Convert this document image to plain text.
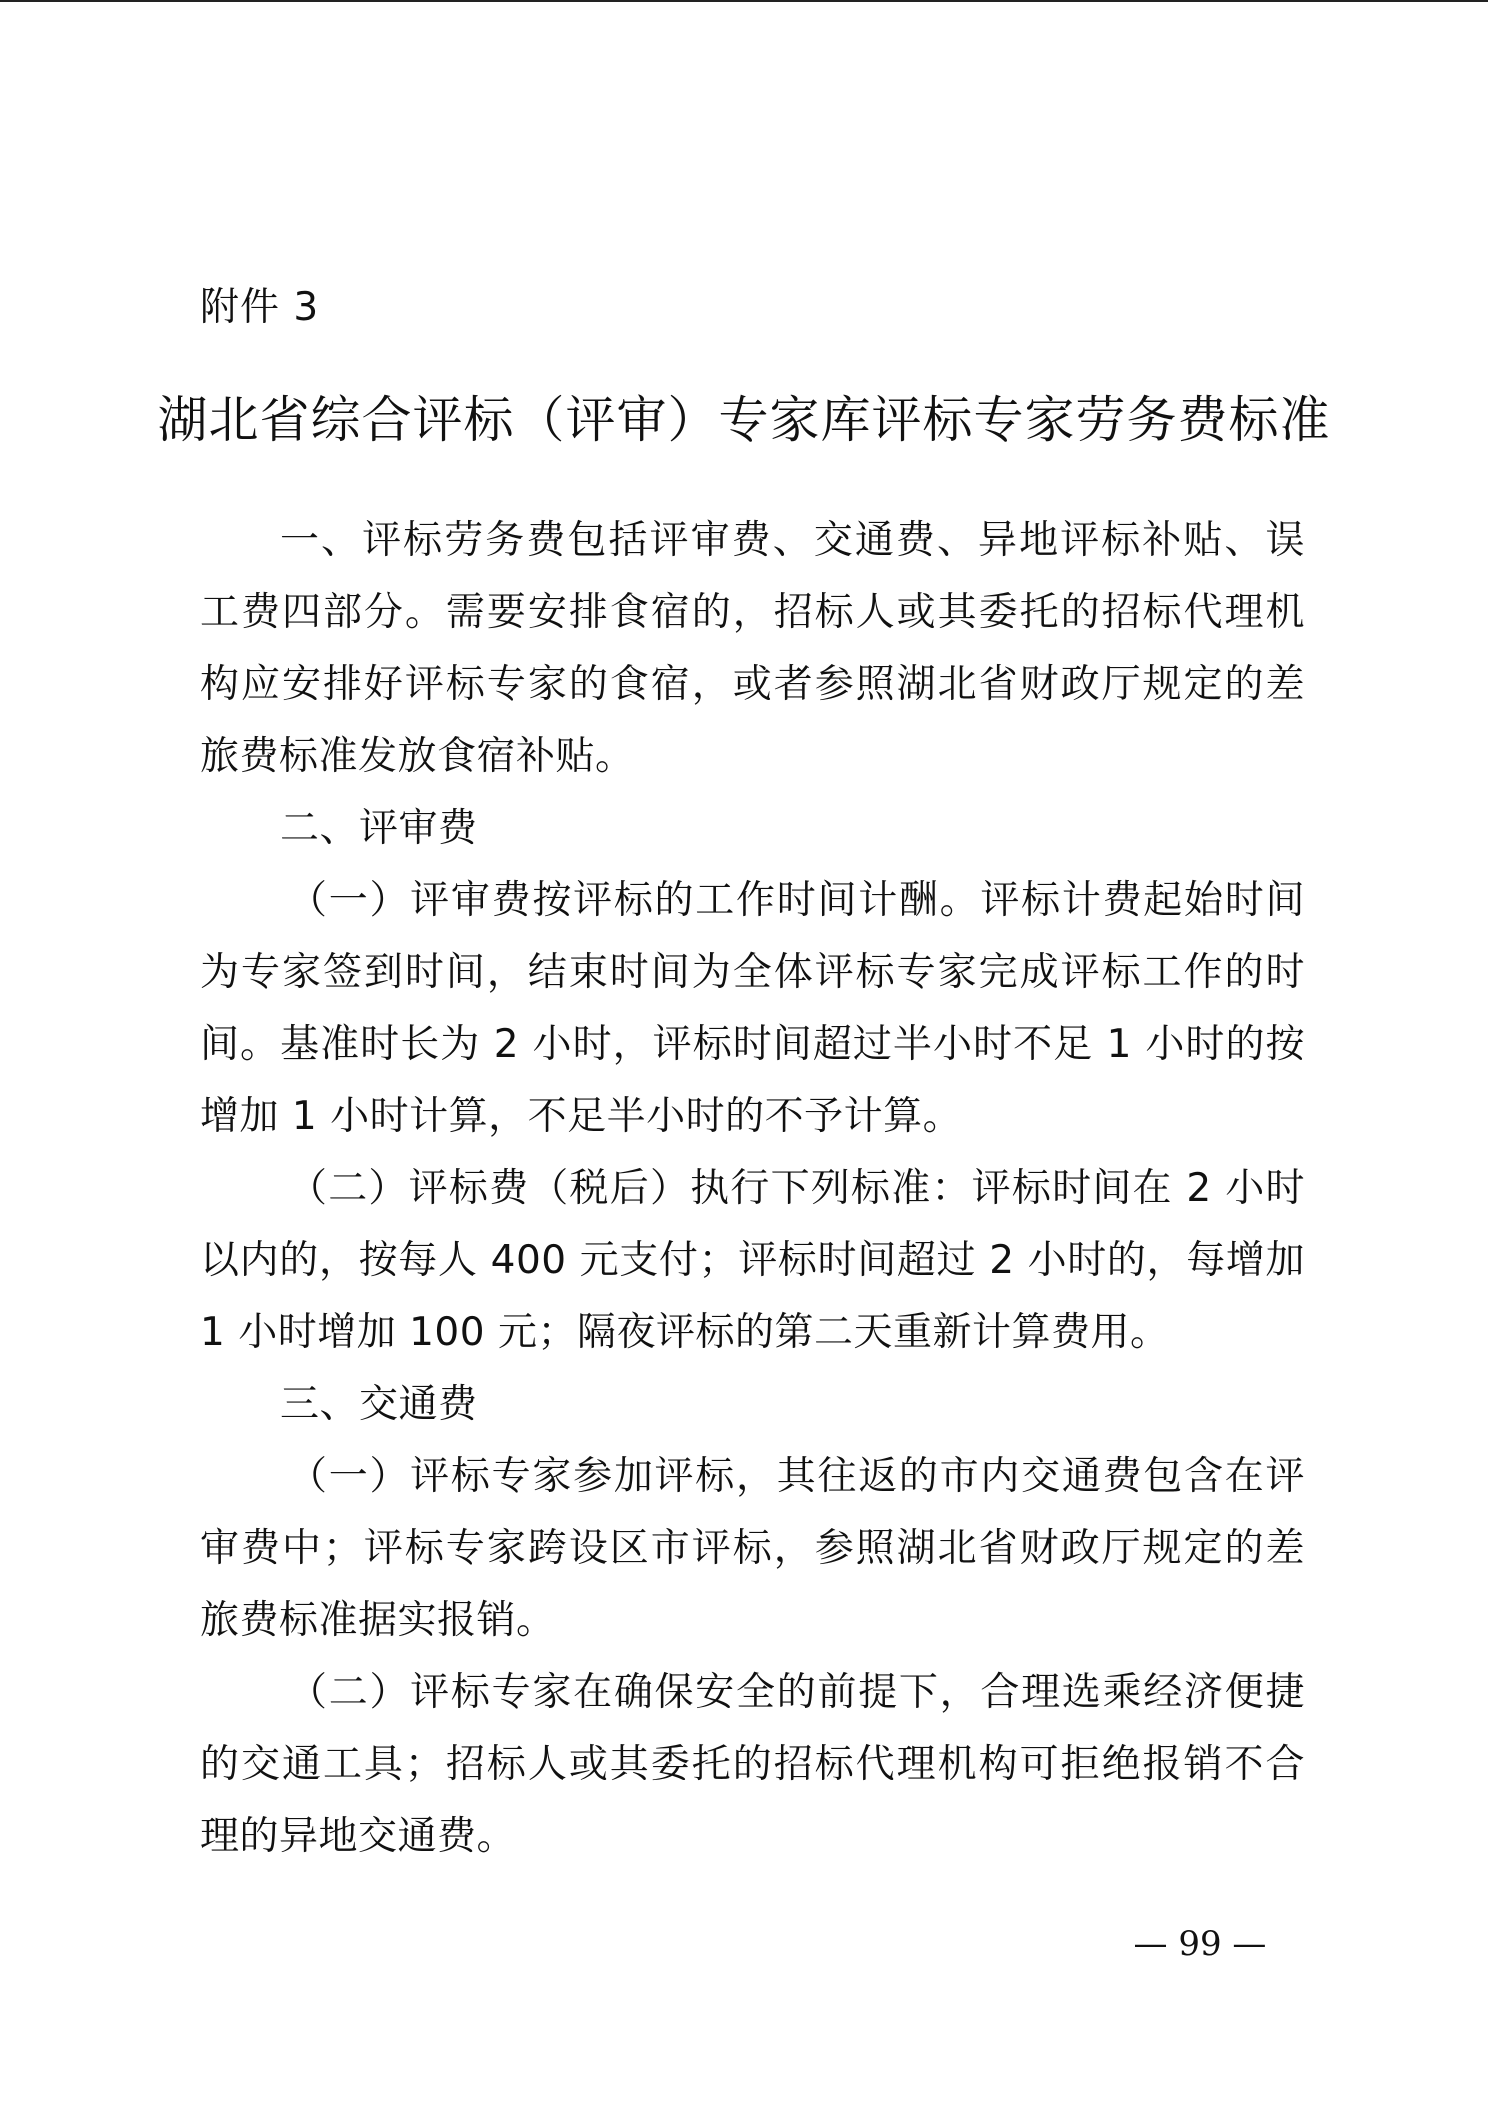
附件 3
湖北省综合评标（评审）专家库评标专家劳务费标准

一、评标劳务费包括评审费、交通费、异地评标补贴、误工费四部分。需要安排食宿的，招标人或其委托的招标代理机构应安排好评标专家的食宿，或者参照湖北省财政厅规定的差旅费标准发放食宿补贴。

二、评审费

（一）评审费按评标的工作时间计酬。评标计费起始时间为专家签到时间，结束时间为全体评标专家完成评标工作的时间。基准时长为 2 小时，评标时间超过半小时不足 1 小时的按增加 1 小时计算，不足半小时的不予计算。

（二）评标费（税后）执行下列标准：评标时间在 2 小时以内的，按每人 400 元支付；评标时间超过 2 小时的，每增加 1 小时增加 100 元；隔夜评标的第二天重新计算费用。

三、交通费

（一）评标专家参加评标，其往返的市内交通费包含在评审费中；评标专家跨设区市评标，参照湖北省财政厅规定的差旅费标准据实报销。

（二）评标专家在确保安全的前提下，合理选乘经济便捷的交通工具；招标人或其委托的招标代理机构可拒绝报销不合理的异地交通费。

— 99 —
